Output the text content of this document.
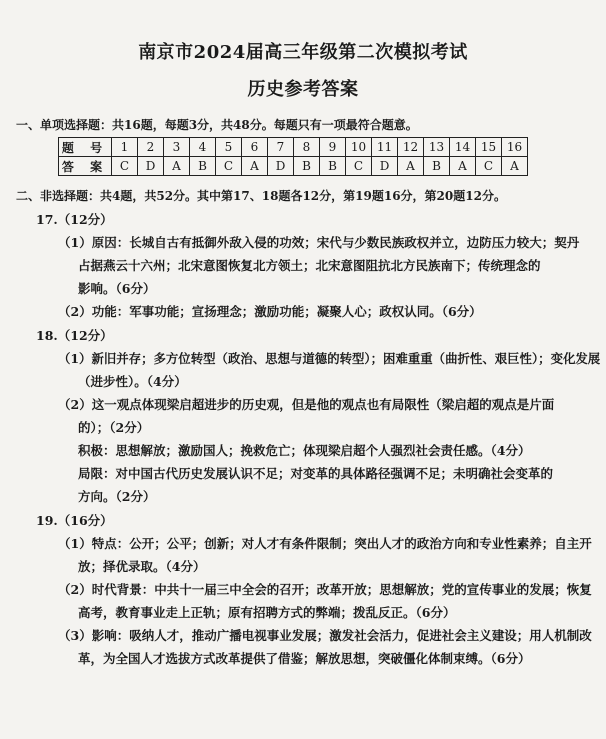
南京市2024届高三年级第二次模拟考试
历史参考答案
一、单项选择题：共16题，每题3分，共48分。每题只有一项最符合题意。
题 号	1	2	3	4	5	6	7	8	9	10	11	12	13	14	15	16
答 案	C	D	A	B	C	A	D	B	B	C	D	A	B	A	C	A
二、非选择题：共4题，共52分。其中第17、18题各12分，第19题16分，第20题12分。
17.（12分）
（1）原因：长城自古有抵御外敌入侵的功效；宋代与少数民族政权并立，边防压力较大；契丹
占据燕云十六州；北宋意图恢复北方领土；北宋意图阻抗北方民族南下；传统理念的
影响。（6分）
（2）功能：军事功能；宣扬理念；激励功能；凝聚人心；政权认同。（6分）
18.（12分）
（1）新旧并存；多方位转型（政治、思想与道德的转型）；困难重重（曲折性、艰巨性）；变化发展
（进步性）。（4分）
（2）这一观点体现梁启超进步的历史观，但是他的观点也有局限性（梁启超的观点是片面
的）；（2分）
积极：思想解放；激励国人；挽救危亡；体现梁启超个人强烈社会责任感。（4分）
局限：对中国古代历史发展认识不足；对变革的具体路径强调不足；未明确社会变革的
方向。（2分）
19.（16分）
（1）特点：公开；公平；创新；对人才有条件限制；突出人才的政治方向和专业性素养；自主开
放；择优录取。（4分）
（2）时代背景：中共十一届三中全会的召开；改革开放；思想解放；党的宣传事业的发展；恢复
高考，教育事业走上正轨；原有招聘方式的弊端；拨乱反正。（6分）
（3）影响：吸纳人才，推动广播电视事业发展；激发社会活力，促进社会主义建设；用人机制改
革，为全国人才选拔方式改革提供了借鉴；解放思想，突破僵化体制束缚。（6分）
